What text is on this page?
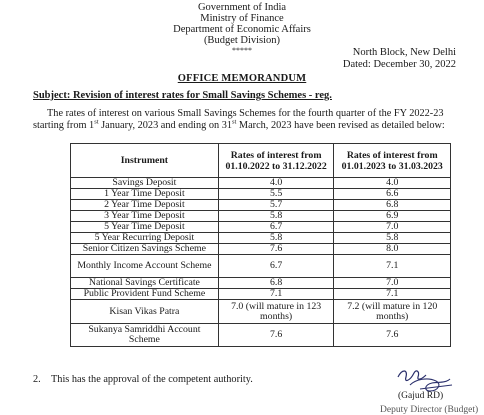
Government of India
Ministry of Finance
Department of Economic Affairs
(Budget Division)
*****	North Block, New Delhi
Dated: December 30, 2022
OFFICE MEMORANDUM
Subject: Revision of interest rates for Small Savings Schemes - reg.
The rates of interest on various Small Savings Schemes for the fourth quarter of the FY 2022-23 starting from 1st January, 2023 and ending on 31st March, 2023 have been revised as detailed below:
Instrument	Rates of interest from 01.10.2022 to 31.12.2022	Rates of interest from 01.01.2023 to 31.03.2023
Savings Deposit	4.0	4.0
1 Year Time Deposit	5.5	6.6
2 Year Time Deposit	5.7	6.8
3 Year Time Deposit	5.8	6.9
5 Year Time Deposit	6.7	7.0
5 Year Recurring Deposit	5.8	5.8
Senior Citizen Savings Scheme	7.6	8.0
Monthly Income Account Scheme	6.7	7.1
National Savings Certificate	6.8	7.0
Public Provident Fund Scheme	7.1	7.1
Kisan Vikas Patra	7.0 (will mature in 123 months)	7.2 (will mature in 120 months)
Sukanya Samriddhi Account Scheme	7.6	7.6
2. This has the approval of the competent authority.
(Gajud RD)
Deputy Director (Budget)
